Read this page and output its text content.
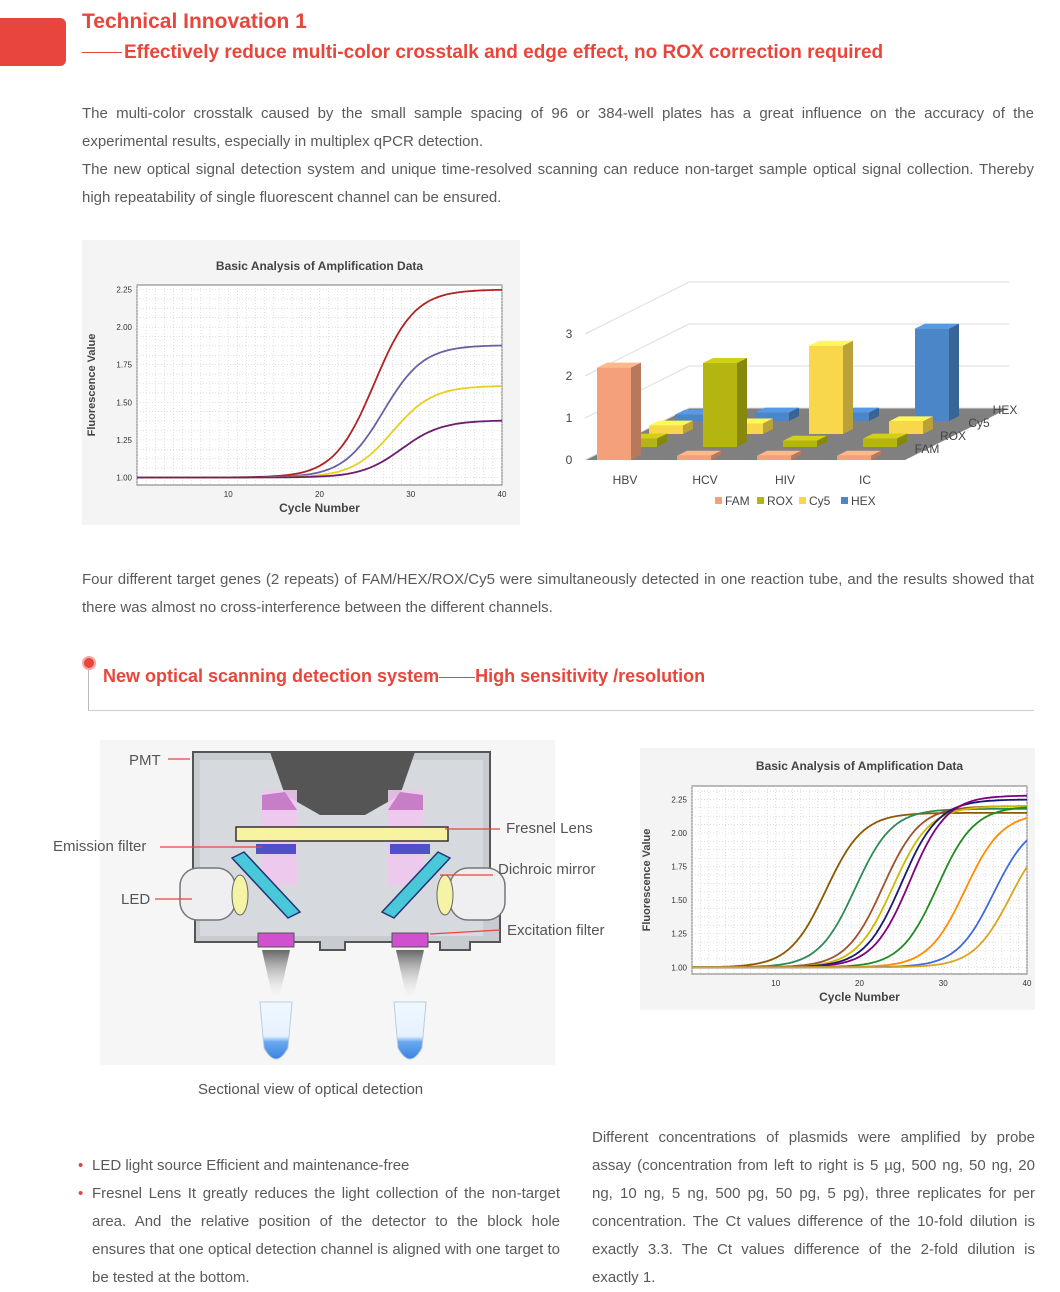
Technical Innovation 1
Effectively reduce multi-color crosstalk and edge effect, no ROX correction required

The multi-color crosstalk caused by the small sample spacing of 96 or 384-well plates has a great influence on the accuracy of the experimental results, especially in multiplex qPCR detection.

The new optical signal detection system and unique time-resolved scanning can reduce non-target sample optical signal collection. Thereby high repeatability of single fluorescent channel can be ensured.

1.00
1.25
1.50
1.75
2.00
2.25
10	20	30	40
Basic Analysis of Amplification Data
Cycle Number
Fluorescence Value
0
1
2
3
HBV	HCV	HIV	IC
FAM
ROX
Cy5
HEX
FAM ROX Cy5 HEX

Four different target genes (2 repeats) of FAM/HEX/ROX/Cy5 were simultaneously detected in one reaction tube, and the results showed that there was almost no cross-interference between the different channels.

New optical scanning detection system High sensitivity /resolution
PMT
Emission filter
LED
Fresnel Lens
Dichroic mirror
Excitation filter
Sectional view of optical detection
1.00
1.25
1.50
1.75
2.00
2.25
10	20	30	40
Basic Analysis of Amplification Data
Cycle Number
Fluorescence Value
• LED light source Efficient and maintenance-free
• Fresnel Lens It greatly reduces the light collection of the non-target area. And the relative position of the detector to the block hole ensures that one optical detection channel is aligned with one target to be tested at the bottom.

Different concentrations of plasmids were amplified by probe assay (concentration from left to right is 5 µg, 500 ng, 50 ng, 20 ng, 10 ng, 5 ng, 500 pg, 50 pg, 5 pg), three replicates for per concentration. The Ct values difference of the 10-fold dilution is exactly 3.3. The Ct values difference of the 2-fold dilution is exactly 1.
